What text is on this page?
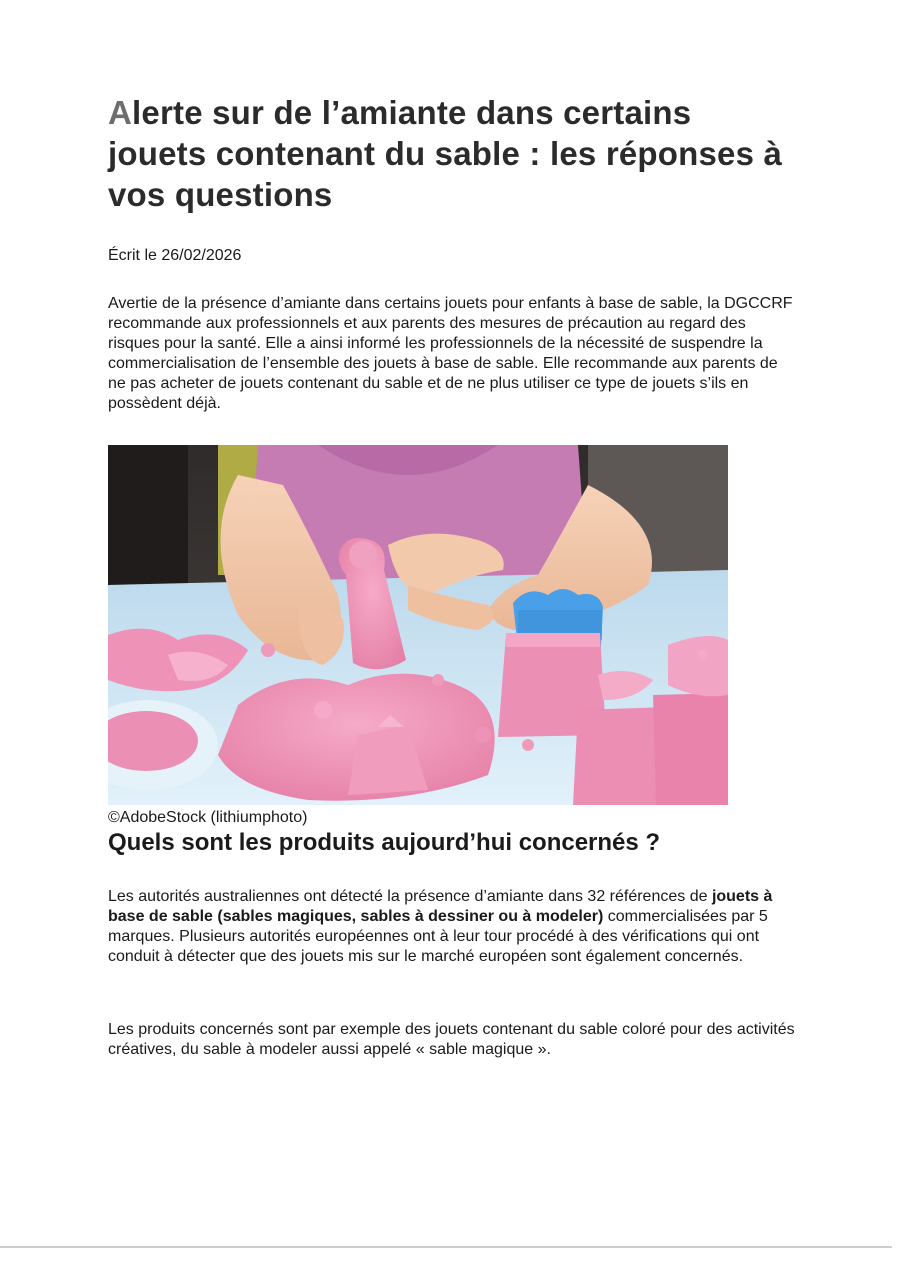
Alerte sur de l’amiante dans certains jouets contenant du sable : les réponses à vos questions

Écrit le 26/02/2026

Avertie de la présence d’amiante dans certains jouets pour enfants à base de sable, la DGCCRF recommande aux professionnels et aux parents des mesures de précaution au regard des risques pour la santé. Elle a ainsi informé les professionnels de la nécessité de suspendre la commercialisation de l’ensemble des jouets à base de sable. Elle recommande aux parents de ne pas acheter de jouets contenant du sable et de ne plus utiliser ce type de jouets s’ils en possèdent déjà.

©AdobeStock (lithiumphoto)

Quels sont les produits aujourd’hui concernés ?

Les autorités australiennes ont détecté la présence d’amiante dans 32 références de jouets à base de sable (sables magiques, sables à dessiner ou à modeler) commercialisées par 5 marques. Plusieurs autorités européennes ont à leur tour procédé à des vérifications qui ont conduit à détecter que des jouets mis sur le marché européen sont également concernés.

Les produits concernés sont par exemple des jouets contenant du sable coloré pour des activités créatives, du sable à modeler aussi appelé « sable magique ».
